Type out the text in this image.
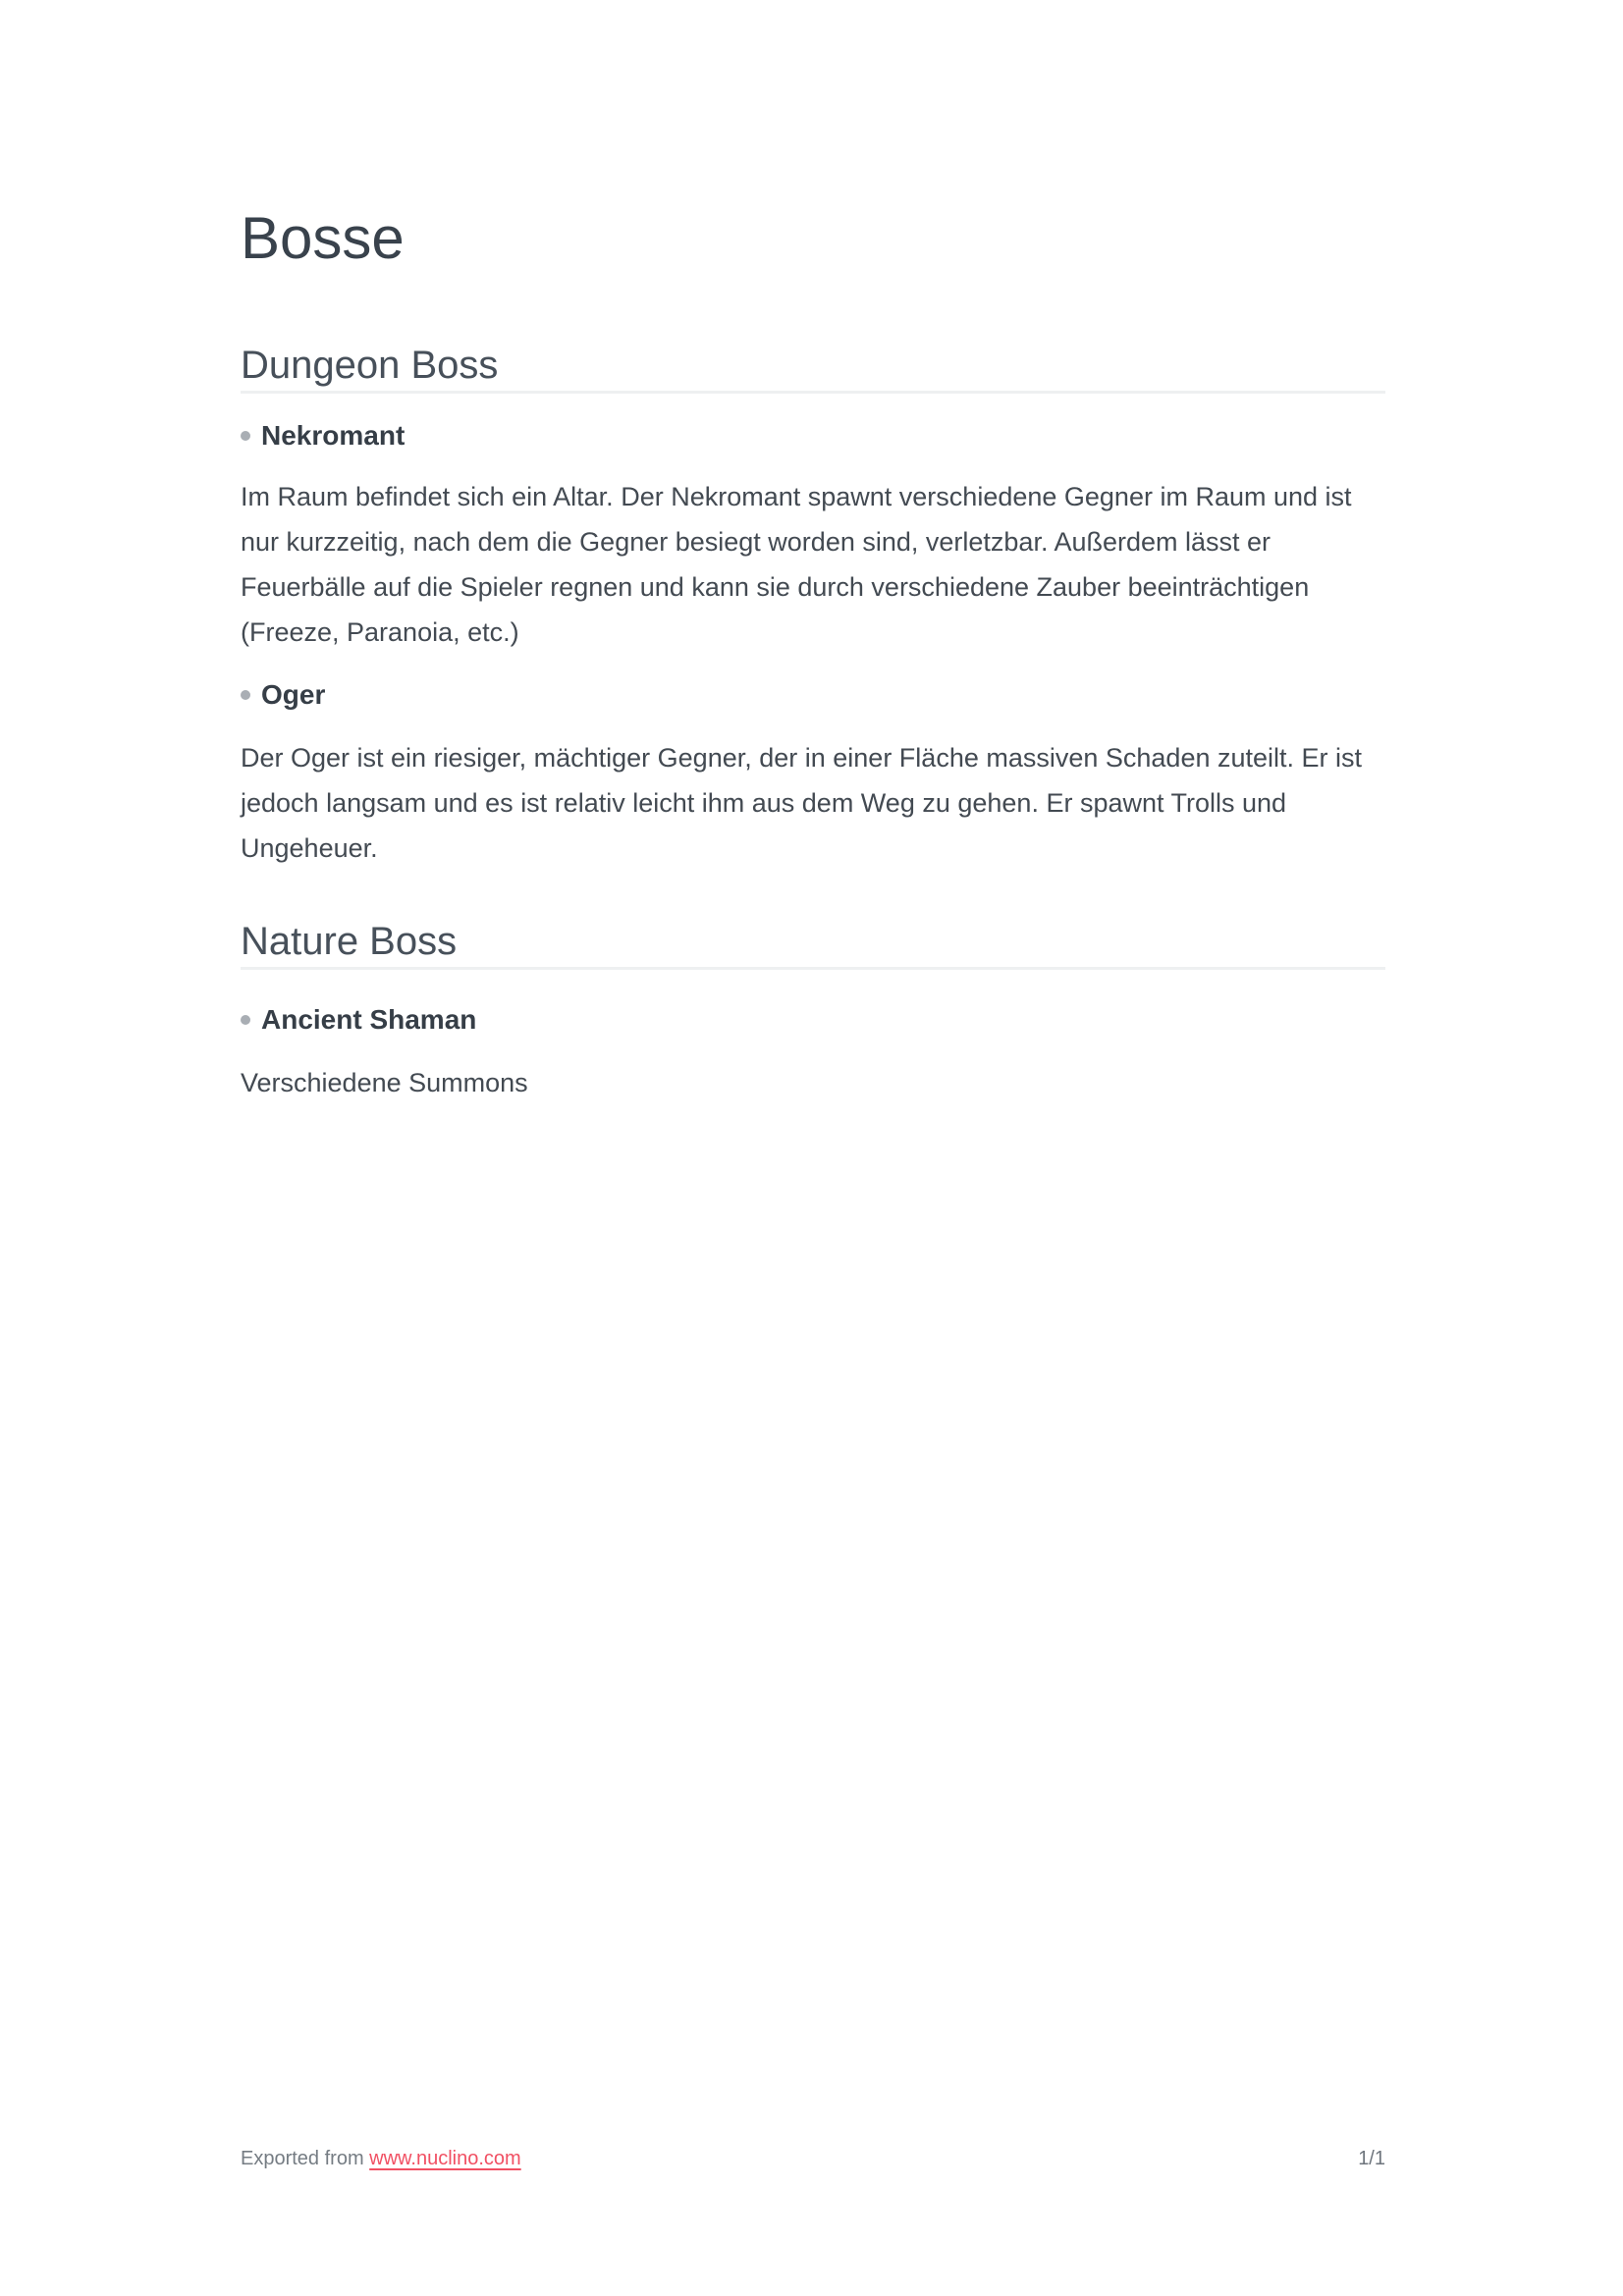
Bosse
Dungeon Boss
Nekromant

Im Raum befindet sich ein Altar. Der Nekromant spawnt verschiedene Gegner im Raum und ist nur kurzzeitig, nach dem die Gegner besiegt worden sind, verletzbar. Außerdem lässt er Feuerbälle auf die Spieler regnen und kann sie durch verschiedene Zauber beeinträchtigen (Freeze, Paranoia, etc.)

Oger

Der Oger ist ein riesiger, mächtiger Gegner, der in einer Fläche massiven Schaden zuteilt. Er ist jedoch langsam und es ist relativ leicht ihm aus dem Weg zu gehen. Er spawnt Trolls und Ungeheuer.

Nature Boss
Ancient Shaman

Verschiedene Summons

Exported from www.nuclino.com	1/1
